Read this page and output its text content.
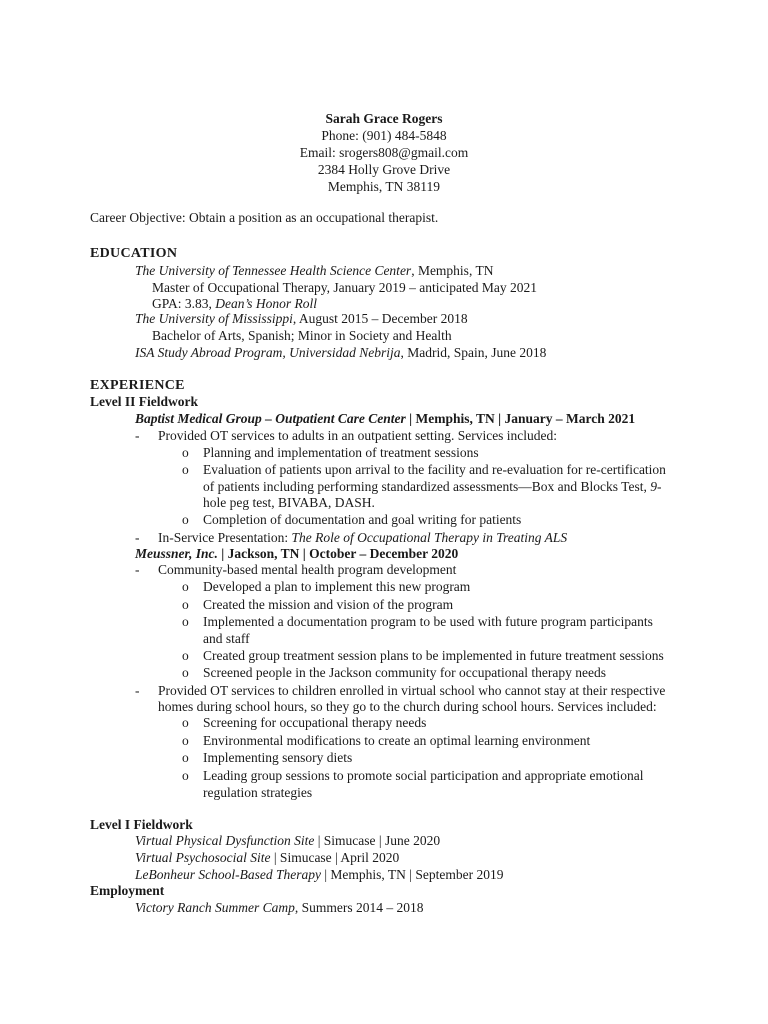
Sarah Grace Rogers
Phone: (901) 484-5848
Email: srogers808@gmail.com
2384 Holly Grove Drive
Memphis, TN 38119
Career Objective: Obtain a position as an occupational therapist.
EDUCATION
The University of Tennessee Health Science Center, Memphis, TN
Master of Occupational Therapy, January 2019 – anticipated May 2021
GPA: 3.83, Dean’s Honor Roll
The University of Mississippi, August 2015 – December 2018
Bachelor of Arts, Spanish; Minor in Society and Health
ISA Study Abroad Program, Universidad Nebrija, Madrid, Spain, June 2018
EXPERIENCE
Level II Fieldwork
Baptist Medical Group – Outpatient Care Center | Memphis, TN | January – March 2021
- Provided OT services to adults in an outpatient setting. Services included:
o Planning and implementation of treatment sessions
o Evaluation of patients upon arrival to the facility and re-evaluation for re-certification
of patients including performing standardized assessments—Box and Blocks Test, 9-
hole peg test, BIVABA, DASH.
o Completion of documentation and goal writing for patients
- In-Service Presentation: The Role of Occupational Therapy in Treating ALS
Meussner, Inc. | Jackson, TN | October – December 2020
- Community-based mental health program development
o Developed a plan to implement this new program
o Created the mission and vision of the program
o Implemented a documentation program to be used with future program participants
and staff
o Created group treatment session plans to be implemented in future treatment sessions
o Screened people in the Jackson community for occupational therapy needs
- Provided OT services to children enrolled in virtual school who cannot stay at their respective
homes during school hours, so they go to the church during school hours. Services included:
o Screening for occupational therapy needs
o Environmental modifications to create an optimal learning environment
o Implementing sensory diets
o Leading group sessions to promote social participation and appropriate emotional
regulation strategies
Level I Fieldwork
Virtual Physical Dysfunction Site | Simucase | June 2020
Virtual Psychosocial Site | Simucase | April 2020
LeBonheur School-Based Therapy | Memphis, TN | September 2019
Employment
Victory Ranch Summer Camp, Summers 2014 – 2018
